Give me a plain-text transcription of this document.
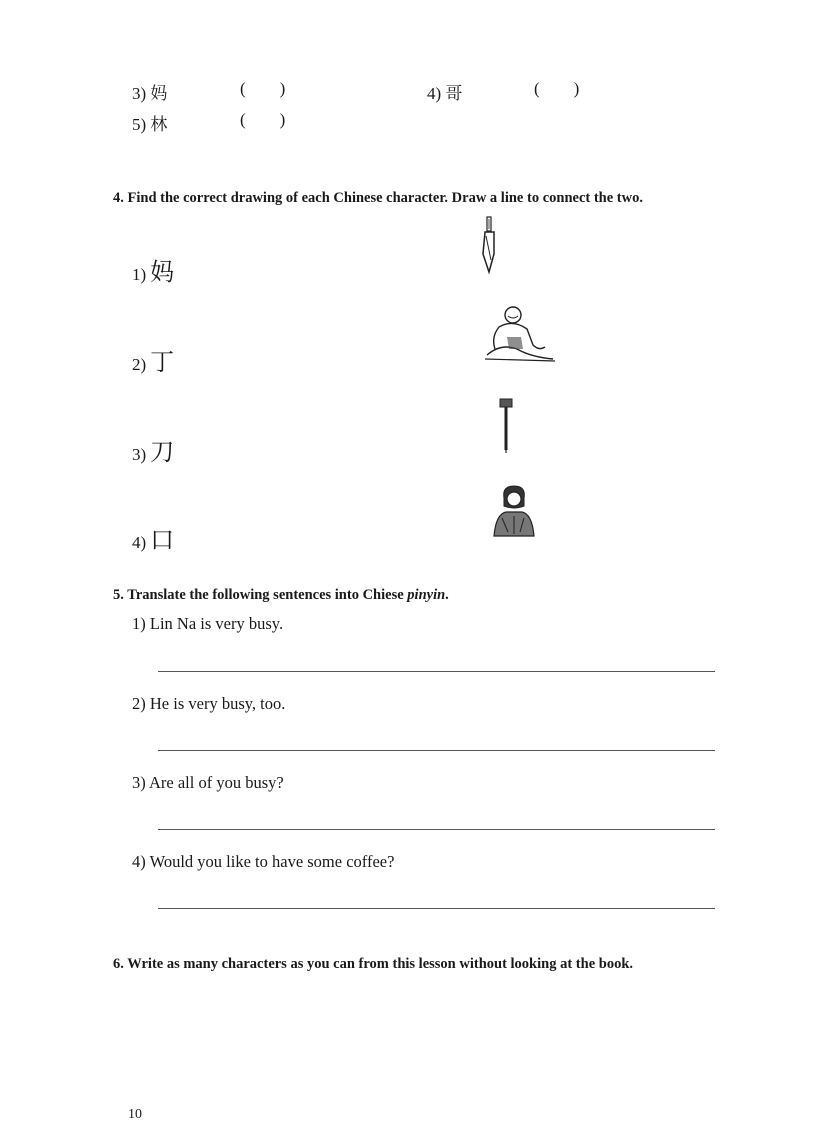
3) 妈	(        )	4) 哥	(        )
5) 林	(        )
4. Find the correct drawing of each Chinese character. Draw a line to connect the two.
1) 妈
2) 丁
3) 刀
4) 口
5. Translate the following sentences into Chiese pinyin.
1) Lin Na is very busy.
2) He is very busy, too.
3) Are all of you busy?
4) Would you like to have some coffee?
6. Write as many characters as you can from this lesson without looking at the book.
10
